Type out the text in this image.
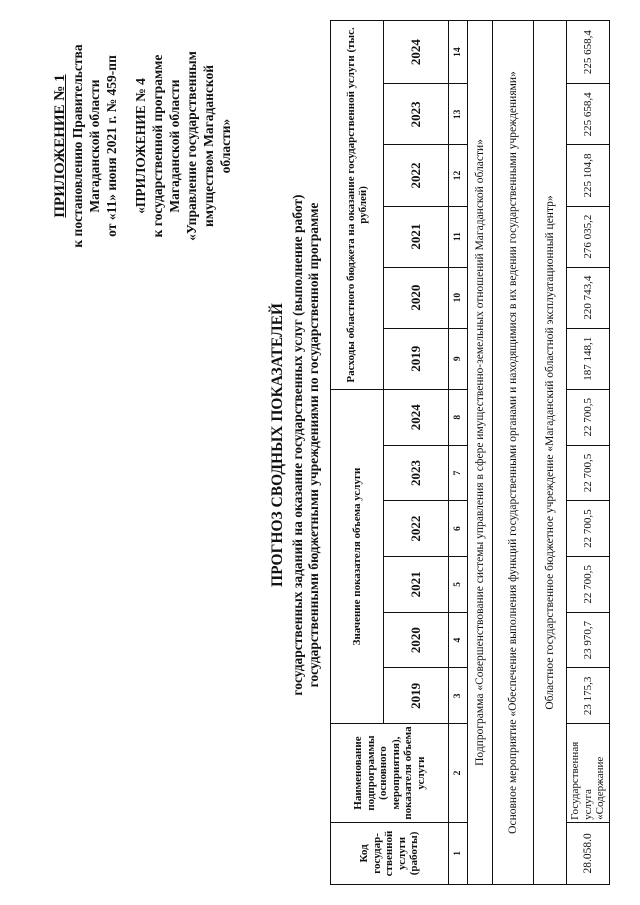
ПРИЛОЖЕНИЕ № 1 к постановлению Правительства Магаданской области от «11» июня 2021 г. № 459-пп «ПРИЛОЖЕНИЕ № 4 к государственной программе Магаданской области «Управление государственным имуществом Магаданской области»
ПРОГНОЗ СВОДНЫХ ПОКАЗАТЕЛЕЙ государственных заданий на оказание государственных услуг (выполнение работ) государственными бюджетными учреждениями по государственной программе
Код государ-ственной услуги (работы)	Наименование подпрограммы (основного мероприятия), показателя объема услуги	Значение показателя объема услуги						Расходы областного бюджета на оказание государственной услуги (тыс. рублей)					
		2019	2020	2021	2022	2023	2024	2019	2020	2021	2022	2023	2024
1	2	3	4	5	6	7	8	9	10	11	12	13	14
Подпрограмма «Совершенствование системы управления в сфере имущественно-земельных отношений Магаданской области»													
Основное мероприятие «Обеспечение выполнения функций государственными органами и находящимися в их ведении государственными учреждениями»													
Областное государственное бюджетное учреждение «Магаданский областной эксплуатационный центр»													
28.058.0	Государственная услуга «Содержание	23 175,3	23 970,7	22 700,5	22 700,5	22 700,5	22 700,5	187 148,1	220 743,4	276 035,2	225 104,8	225 658,4	225 658,4
